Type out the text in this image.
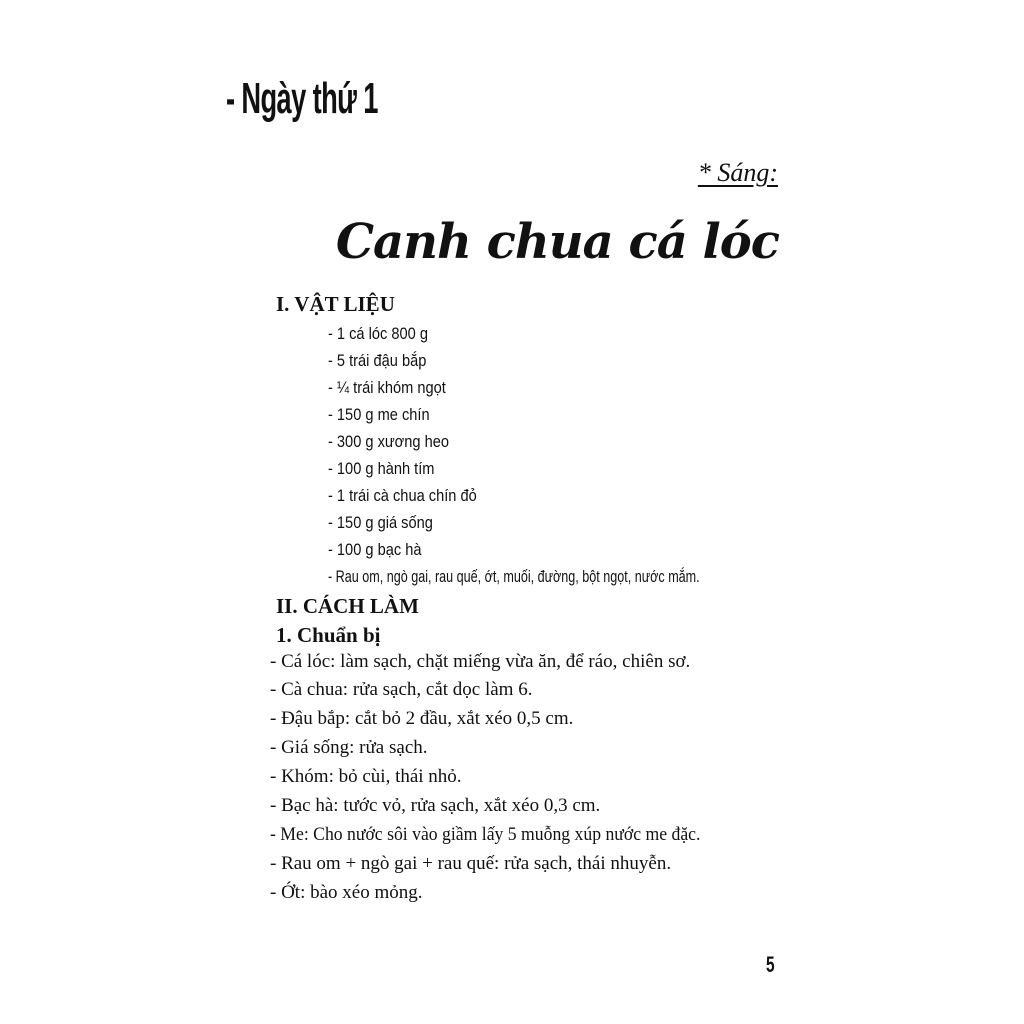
- Ngày thứ 1
* Sáng:
Canh chua cá lóc
I. VẬT LIỆU
- 1 cá lóc 800 g
- 5 trái đậu bắp
- ¼ trái khóm ngọt
- 150 g me chín
- 300 g xương heo
- 100 g hành tím
- 1 trái cà chua chín đỏ
- 150 g giá sống
- 100 g bạc hà
- Rau om, ngò gai, rau quế, ớt, muối, đường, bột ngọt, nước mắm.
II. CÁCH LÀM
1. Chuẩn bị
- Cá lóc: làm sạch, chặt miếng vừa ăn, để ráo, chiên sơ.
- Cà chua: rửa sạch, cắt dọc làm 6.
- Đậu bắp: cắt bỏ 2 đầu, xắt xéo 0,5 cm.
- Giá sống: rửa sạch.
- Khóm: bỏ cùi, thái nhỏ.
- Bạc hà: tước vỏ, rửa sạch, xắt xéo 0,3 cm.
- Me: Cho nước sôi vào giầm lấy 5 muỗng xúp nước me đặc.
- Rau om + ngò gai + rau quế: rửa sạch, thái nhuyễn.
- Ớt: bào xéo mỏng.
5
